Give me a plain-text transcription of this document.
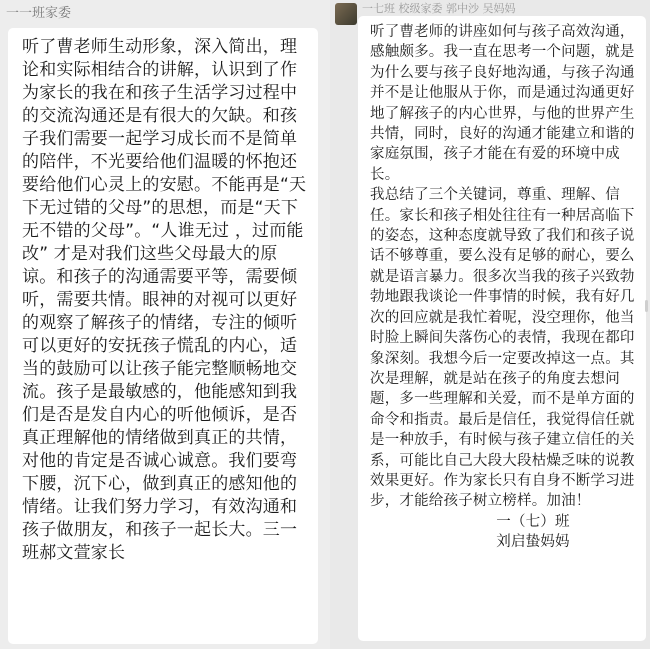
一一班家委

听了曹老师生动形象，深入简出，理论和实际相结合的讲解，认识到了作为家长的我在和孩子生活学习过程中的交流沟通还是有很大的欠缺。和孩子我们需要一起学习成长而不是简单的陪伴，不光要给他们温暖的怀抱还要给他们心灵上的安慰。不能再是“天下无过错的父母”的思想，而是“天下无不错的父母”。“人谁无过 ，过而能改” 才是对我们这些父母最大的原谅。和孩子的沟通需要平等，需要倾听，需要共情。眼神的对视可以更好的观察了解孩子的情绪，专注的倾听可以更好的安抚孩子慌乱的内心，适当的鼓励可以让孩子能完整顺畅地交流。孩子是最敏感的，他能感知到我们是否是发自内心的听他倾诉，是否真正理解他的情绪做到真正的共情，对他的肯定是否诚心诚意。我们要弯下腰，沉下心，做到真正的感知他的情绪。让我们努力学习，有效沟通和孩子做朋友，和孩子一起长大。三一班郝文萱家长

一七班 校级家委 郭中沙 吴妈妈

听了曹老师的讲座如何与孩子高效沟通，感触颇多。我一直在思考一个问题，就是为什么要与孩子良好地沟通，与孩子沟通并不是让他服从于你，而是通过沟通更好地了解孩子的内心世界，与他的世界产生共情，同时，良好的沟通才能建立和谐的家庭氛围，孩子才能在有爱的环境中成长。

我总结了三个关键词，尊重、理解、信任。家长和孩子相处往往有一种居高临下的姿态，这种态度就导致了我们和孩子说话不够尊重，要么没有足够的耐心，要么就是语言暴力。很多次当我的孩子兴致勃勃地跟我谈论一件事情的时候，我有好几次的回应就是我忙着呢，没空理你，他当时脸上瞬间失落伤心的表情，我现在都印象深刻。我想今后一定要改掉这一点。其次是理解，就是站在孩子的角度去想问题，多一些理解和关爱，而不是单方面的命令和指责。最后是信任，我觉得信任就是一种放手，有时候与孩子建立信任的关系，可能比自己大段大段枯燥乏味的说教效果更好。作为家长只有自身不断学习进步，才能给孩子树立榜样。加油！

一（七）班

刘启蛰妈妈
